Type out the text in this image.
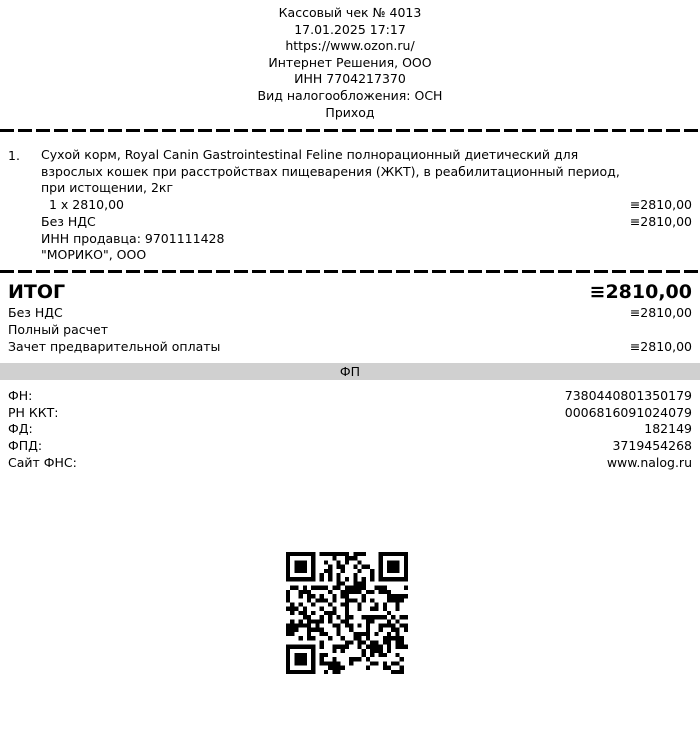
Кассовый чек № 4013
17.01.2025 17:17
https://www.ozon.ru/
Интернет Решения, ООО
ИНН 7704217370
Вид налогообложения: ОСН
Приход
1. Сухой корм, Royal Canin Gastrointestinal Feline полнорационный диетический для взрослых кошек при расстройствах пищеварения (ЖКТ), в реабилитационный период, при истощении, 2кг
1 x 2810,00	≡2810,00
Без НДС	≡2810,00
ИНН продавца: 9701111428
"МОРИКО", ООО
ИТОГ	≡2810,00
Без НДС	≡2810,00
Полный расчет
Зачет предварительной оплаты	≡2810,00
ФП
ФН:	7380440801350179
РН ККТ:	0006816091024079
ФД:	182149
ФПД:	3719454268
Сайт ФНС:	www.nalog.ru
